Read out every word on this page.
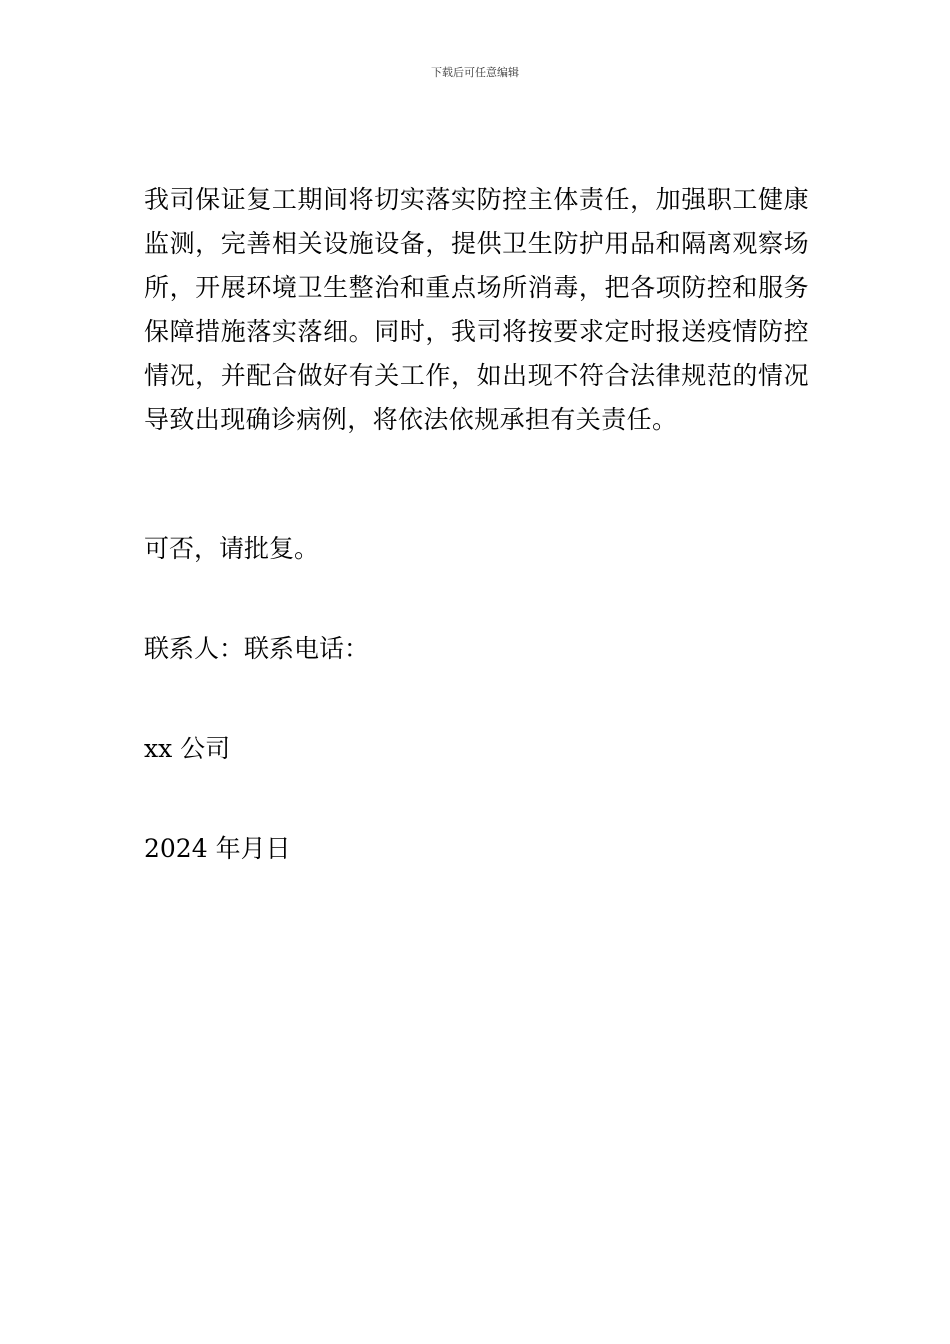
下载后可任意编辑

我司保证复工期间将切实落实防控主体责任，加强职工健康监测，完善相关设施设备，提供卫生防护用品和隔离观察场所，开展环境卫生整治和重点场所消毒，把各项防控和服务保障措施落实落细。同时，我司将按要求定时报送疫情防控情况，并配合做好有关工作，如出现不符合法律规范的情况导致出现确诊病例，将依法依规承担有关责任。

可否，请批复。

联系人：联系电话：

xx 公司

2024 年月日
